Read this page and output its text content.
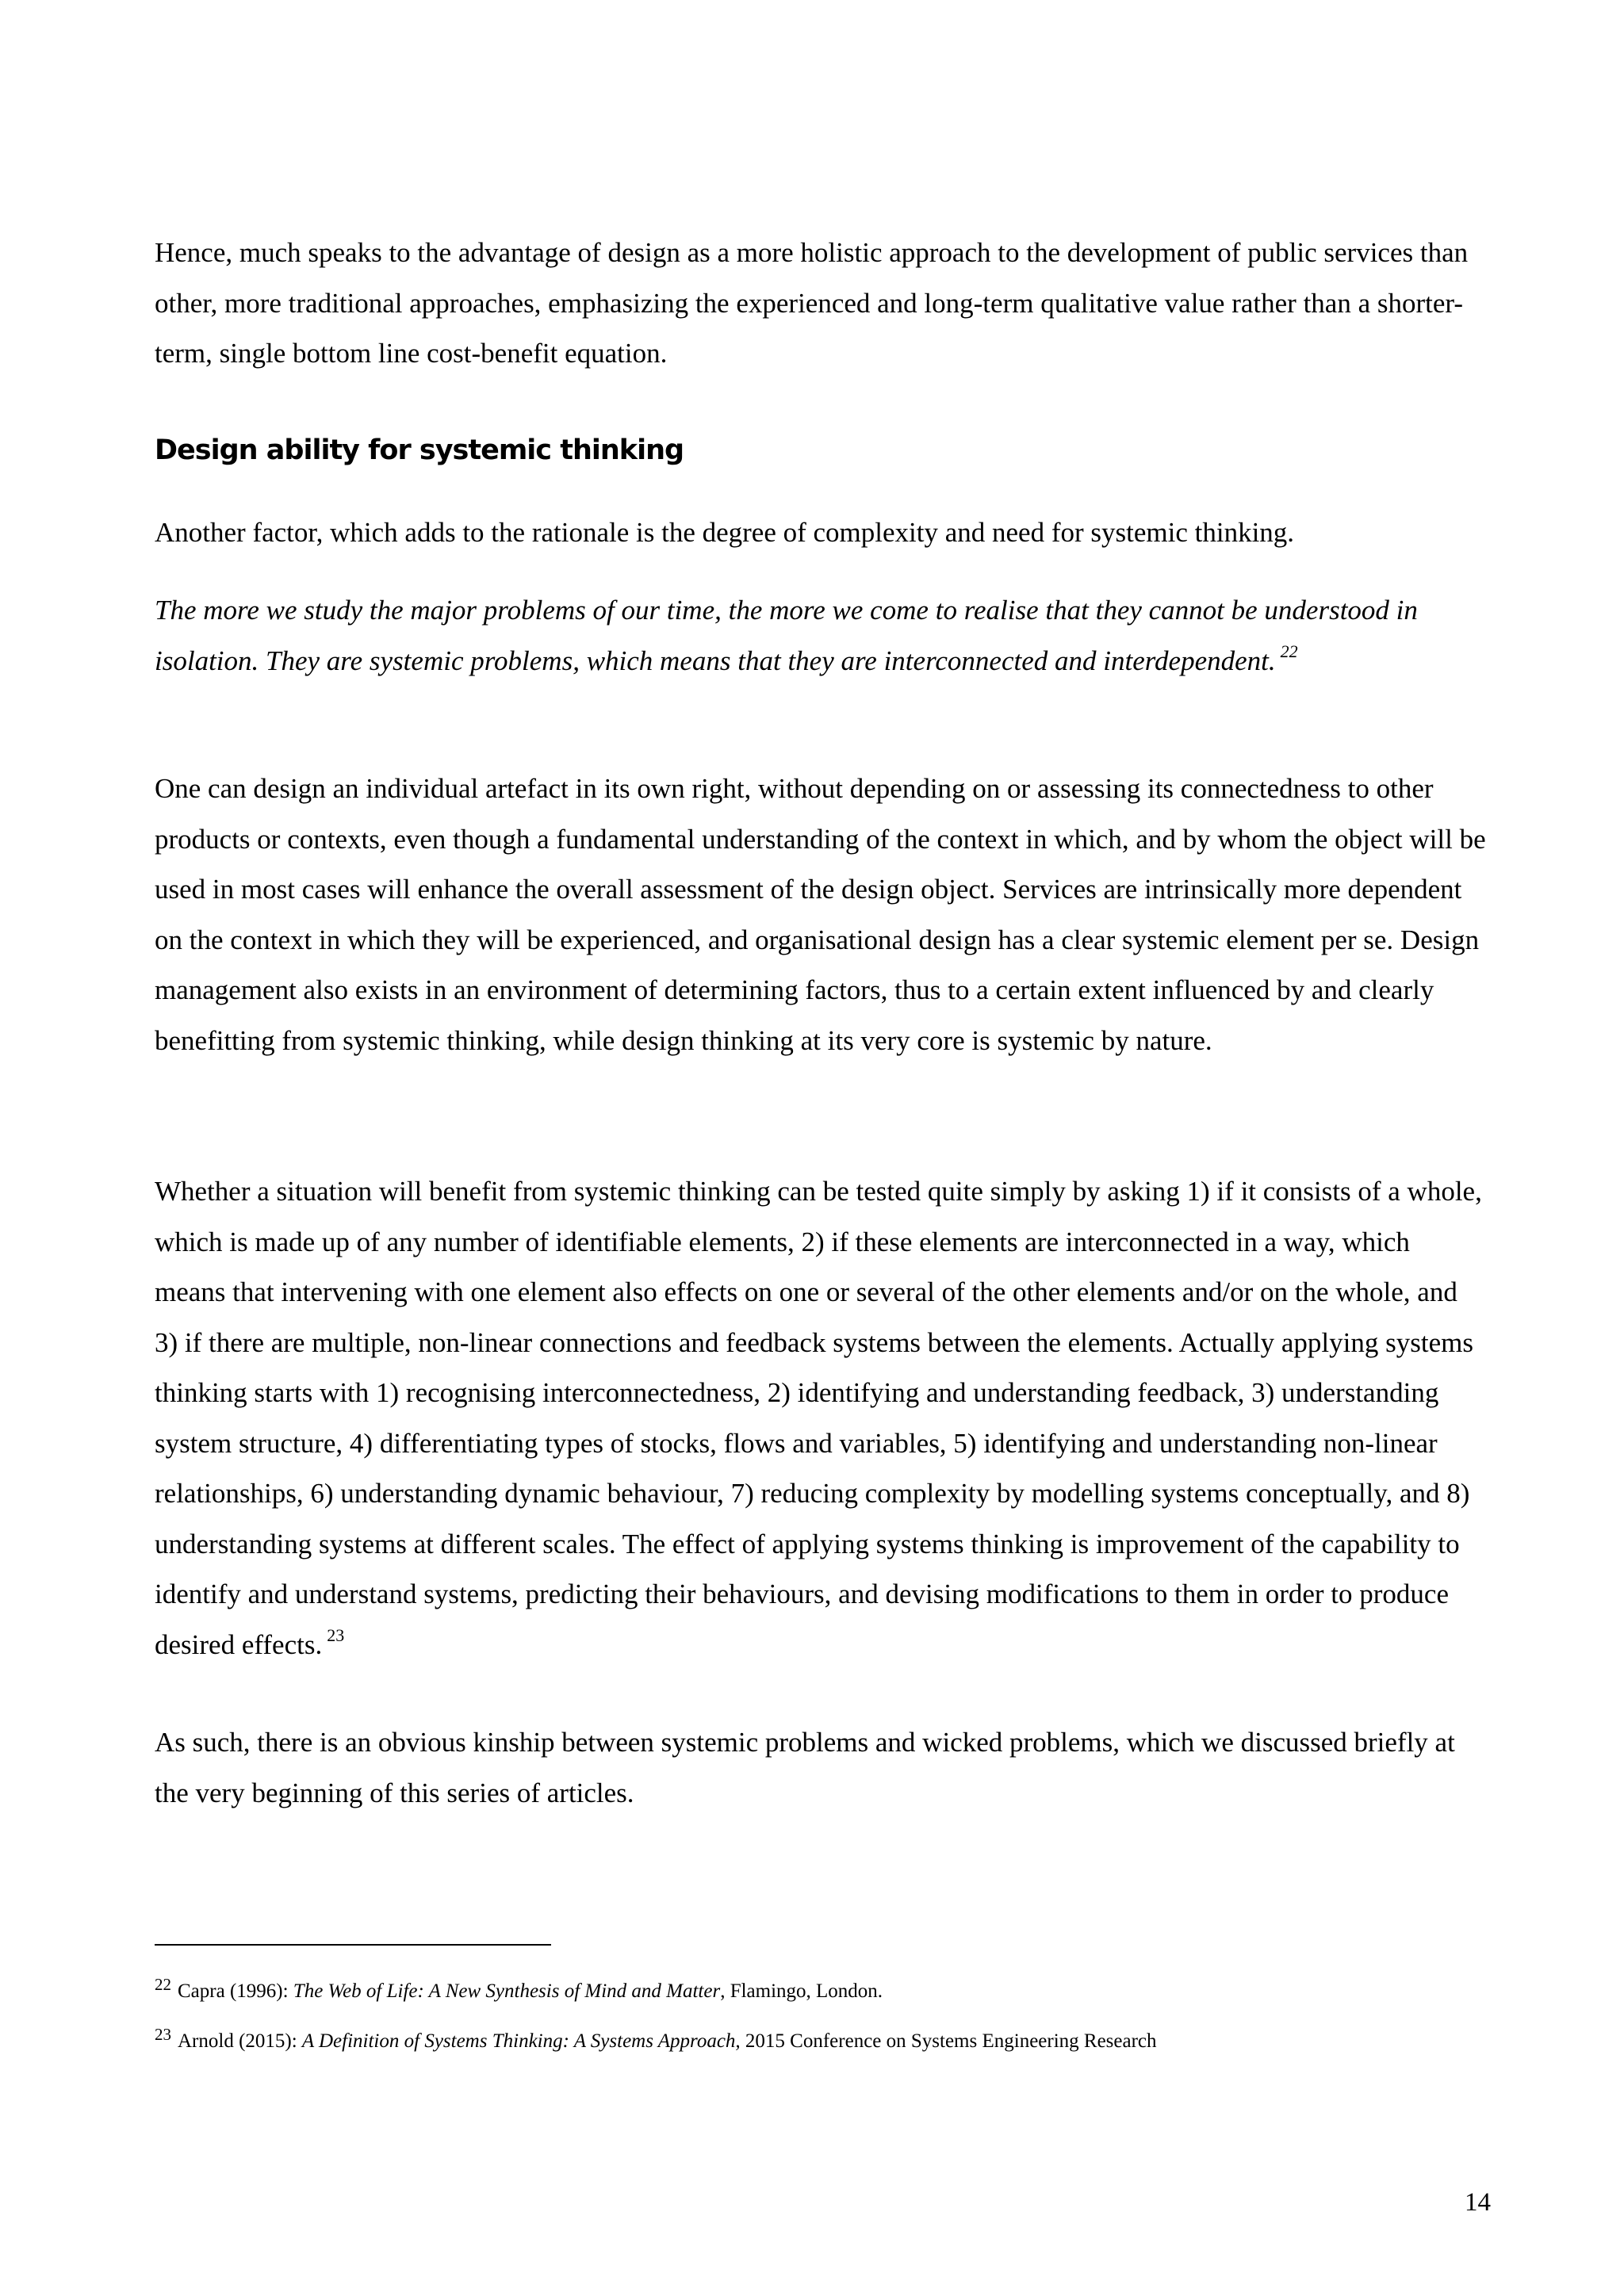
Hence, much speaks to the advantage of design as a more holistic approach to the development of public services than other, more traditional approaches, emphasizing the experienced and long-term qualitative value rather than a shorter-term, single bottom line cost-benefit equation.

Design ability for systemic thinking

Another factor, which adds to the rationale is the degree of complexity and need for systemic thinking.

The more we study the major problems of our time, the more we come to realise that they cannot be understood in isolation. They are systemic problems, which means that they are interconnected and interdependent. $^{22}$

One can design an individual artefact in its own right, without depending on or assessing its connectedness to other products or contexts, even though a fundamental understanding of the context in which, and by whom the object will be used in most cases will enhance the overall assessment of the design object. Services are intrinsically more dependent on the context in which they will be experienced, and organisational design has a clear systemic element per se. Design management also exists in an environment of determining factors, thus to a certain extent influenced by and clearly benefitting from systemic thinking, while design thinking at its very core is systemic by nature.

Whether a situation will benefit from systemic thinking can be tested quite simply by asking 1) if it consists of a whole, which is made up of any number of identifiable elements, 2) if these elements are interconnected in a way, which means that intervening with one element also effects on one or several of the other elements and/or on the whole, and 3) if there are multiple, non-linear connections and feedback systems between the elements. Actually applying systems thinking starts with 1) recognising interconnectedness, 2) identifying and understanding feedback, 3) understanding system structure, 4) differentiating types of stocks, flows and variables, 5) identifying and understanding non-linear relationships, 6) understanding dynamic behaviour, 7) reducing complexity by modelling systems conceptually, and 8) understanding systems at different scales. The effect of applying systems thinking is improvement of the capability to identify and understand systems, predicting their behaviours, and devising modifications to them in order to produce desired effects. $^{23}$

As such, there is an obvious kinship between systemic problems and wicked problems, which we discussed briefly at the very beginning of this series of articles.

$^{22}$ Capra (1996): The Web of Life: A New Synthesis of Mind and Matter, Flamingo, London.

$^{23}$ Arnold (2015): A Definition of Systems Thinking: A Systems Approach, 2015 Conference on Systems Engineering Research

14
